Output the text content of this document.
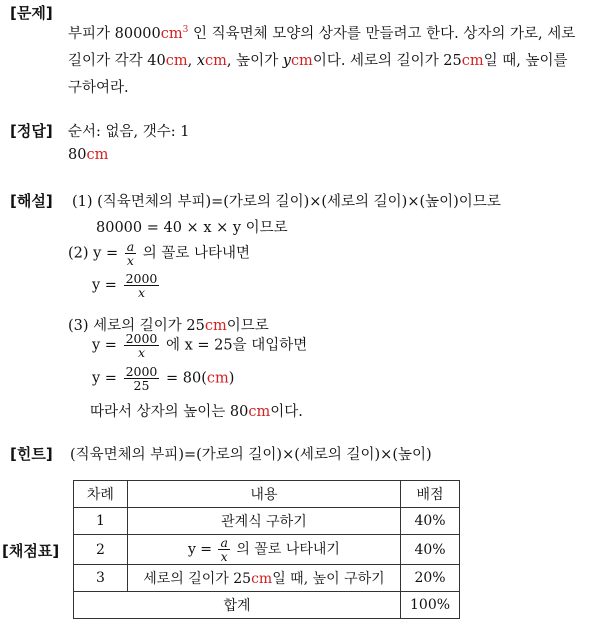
[문제]
부피가 $80000cm^3$ 인 직육면체 모양의 상자를 만들려고 한다. 상자의 가로, 세로
길이가 각각 40cm, xcm, 높이가 ycm이다. 세로의 길이가 25cm일 때, 높이를
구하여라.
[정답] 순서: 없음, 갯수: 1
80cm
[해설] (1) (직육면체의 부피)=(가로의 길이)×(세로의 길이)×(높이)이므로
80000 = 40 × x × y 이므로
(2) $y = \frac{a}{x}$ 의 꼴로 나타내면
$y = \frac{2000}{x}$
(3) 세로의 길이가 25cm이므로
$y = \frac{2000}{x}$ 에 x = 25을 대입하면
$y = \frac{2000}{25} = 80(cm)$
따라서 상자의 높이는 80cm이다.
[힌트] (직육면체의 부피)=(가로의 길이)×(세로의 길이)×(높이)
[채점표]
차례	내용	배점
1	관계식 구하기	40%
2	$y = \frac{a}{x}$ 의 꼴로 나타내기	40%
3	세로의 길이가 25cm일 때, 높이 구하기	20%
합계		100%
